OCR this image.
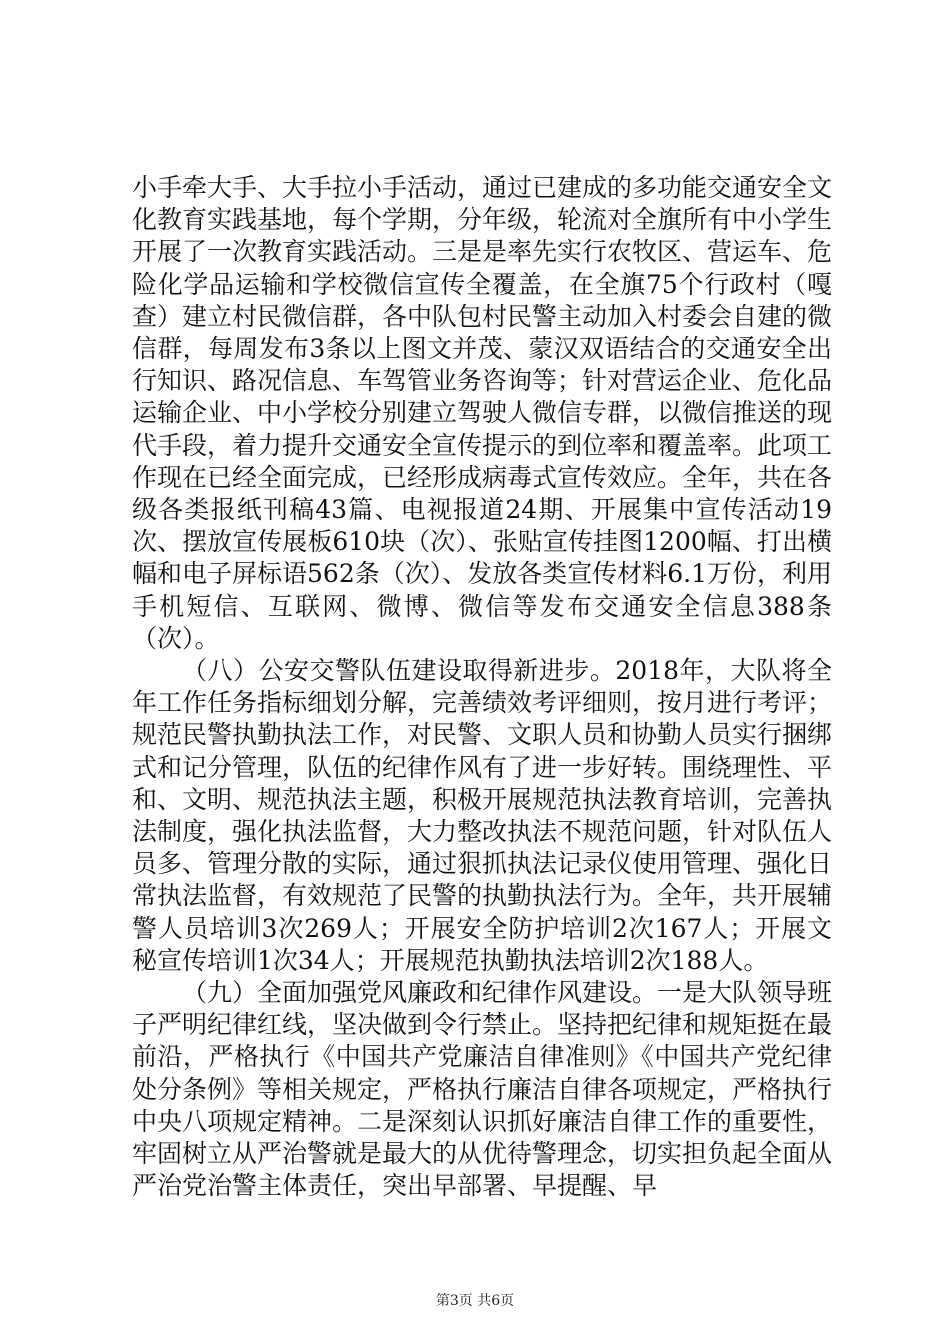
小手牵大手、大手拉小手活动，通过已建成的多功能交通安全文化教育实践基地，每个学期，分年级，轮流对全旗所有中小学生开展了一次教育实践活动。三是是率先实行农牧区、营运车、危险化学品运输和学校微信宣传全覆盖，在全旗75个行政村（嘎查）建立村民微信群，各中队包村民警主动加入村委会自建的微信群，每周发布3条以上图文并茂、蒙汉双语结合的交通安全出行知识、路况信息、车驾管业务咨询等；针对营运企业、危化品运输企业、中小学校分别建立驾驶人微信专群，以微信推送的现代手段，着力提升交通安全宣传提示的到位率和覆盖率。此项工作现在已经全面完成，已经形成病毒式宣传效应。全年，共在各级各类报纸刊稿43篇、电视报道24期、开展集中宣传活动19次、摆放宣传展板610块（次）、张贴宣传挂图1200幅、打出横幅和电子屏标语562条（次）、发放各类宣传材料6.1万份，利用手机短信、互联网、微博、微信等发布交通安全信息388条（次）。

（八）公安交警队伍建设取得新进步。2018年，大队将全年工作任务指标细划分解，完善绩效考评细则，按月进行考评；规范民警执勤执法工作，对民警、文职人员和协勤人员实行捆绑式和记分管理，队伍的纪律作风有了进一步好转。围绕理性、平和、文明、规范执法主题，积极开展规范执法教育培训，完善执法制度，强化执法监督，大力整改执法不规范问题，针对队伍人员多、管理分散的实际，通过狠抓执法记录仪使用管理、强化日常执法监督，有效规范了民警的执勤执法行为。全年，共开展辅警人员培训3次269人；开展安全防护培训2次167人；开展文秘宣传培训1次34人；开展规范执勤执法培训2次188人。

（九）全面加强党风廉政和纪律作风建设。一是大队领导班子严明纪律红线，坚决做到令行禁止。坚持把纪律和规矩挺在最前沿，严格执行《中国共产党廉洁自律准则》《中国共产党纪律处分条例》等相关规定，严格执行廉洁自律各项规定，严格执行中央八项规定精神。二是深刻认识抓好廉洁自律工作的重要性，牢固树立从严治警就是最大的从优待警理念，切实担负起全面从严治党治警主体责任，突出早部署、早提醒、早

第3页 共6页
